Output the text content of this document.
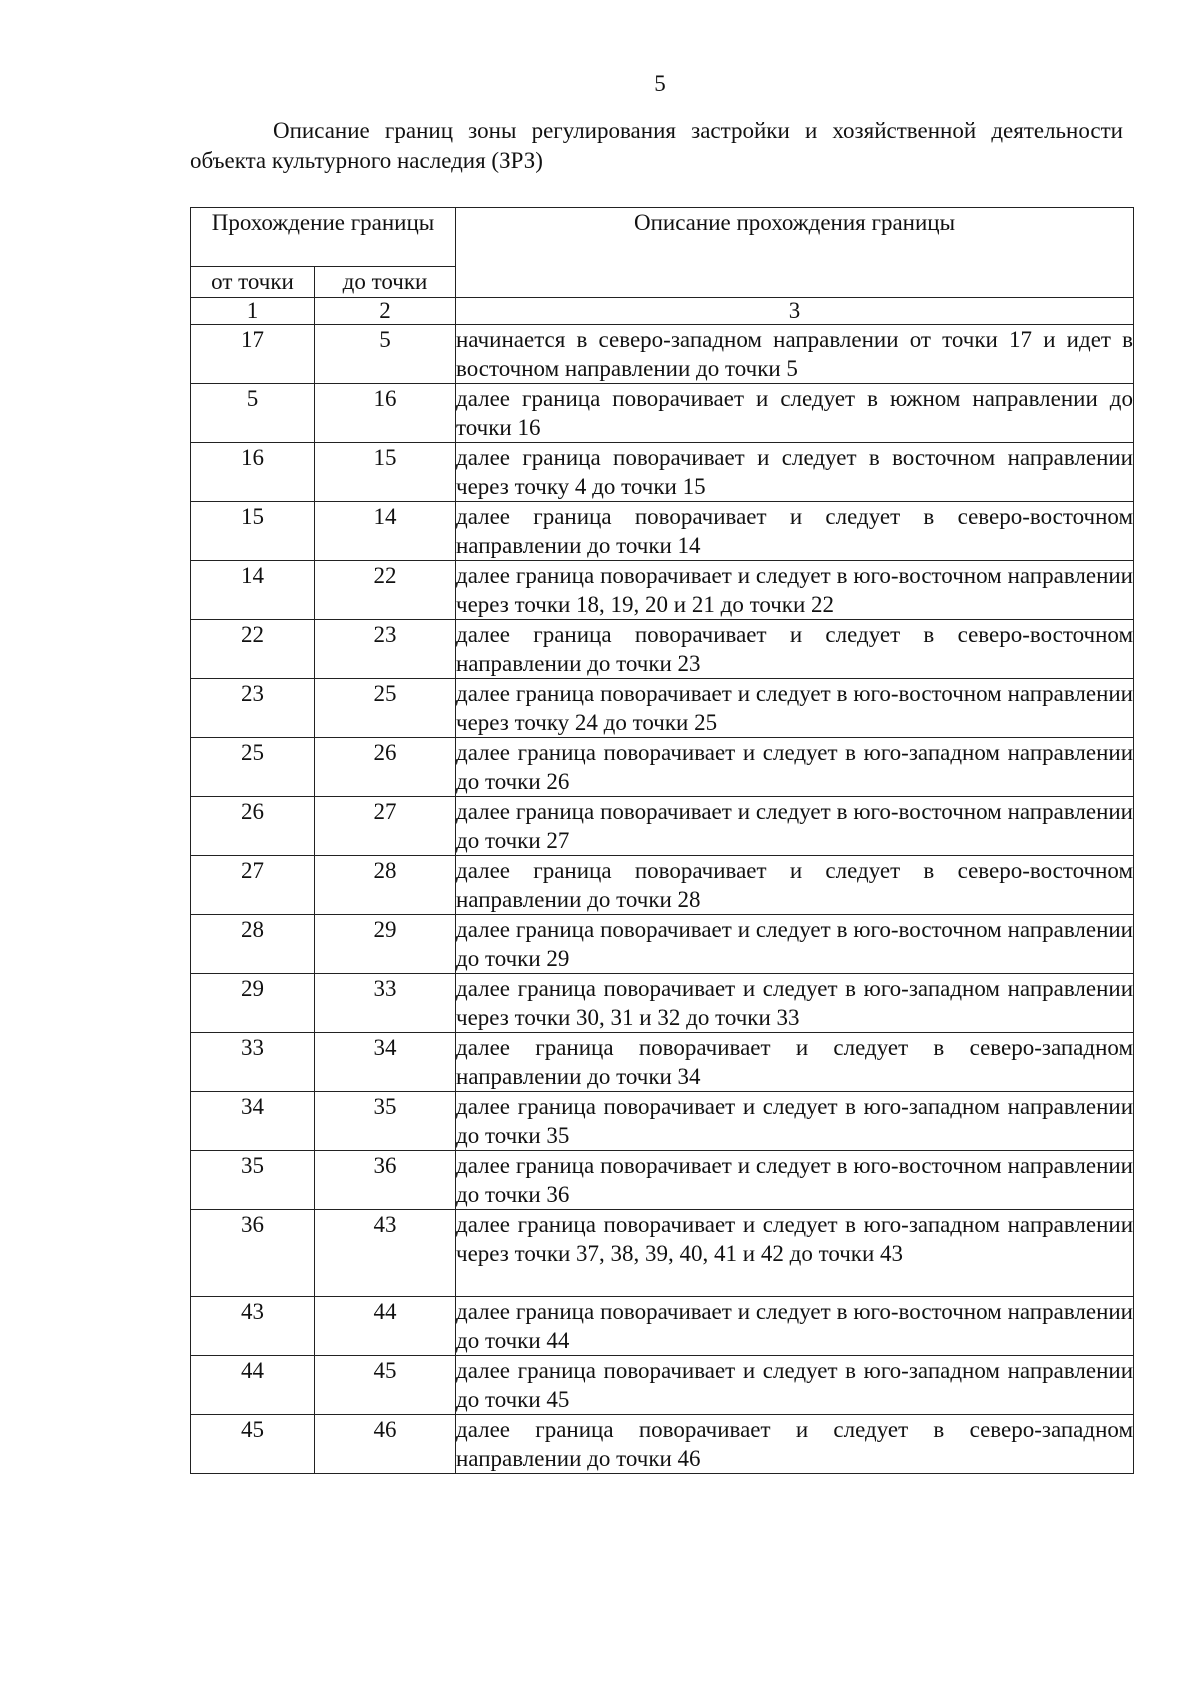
5
Описание границ зоны регулирования застройки и хозяйственной деятельности объекта культурного наследия (ЗРЗ)
Прохождение границы		Описание прохождения границы
от точки	до точки	
1	2	3
17	5	начинается в северо-западном направлении от точки 17 и идет в восточном направлении до точки 5
5	16	далее граница поворачивает и следует в южном направлении до точки 16
16	15	далее граница поворачивает и следует в восточном направлении через точку 4 до точки 15
15	14	далее граница поворачивает и следует в северо-восточном направлении до точки 14
14	22	далее граница поворачивает и следует в юго-восточном направлении через точки 18, 19, 20 и 21 до точки 22
22	23	далее граница поворачивает и следует в северо-восточном направлении до точки 23
23	25	далее граница поворачивает и следует в юго-восточном направлении через точку 24 до точки 25
25	26	далее граница поворачивает и следует в юго-западном направлении до точки 26
26	27	далее граница поворачивает и следует в юго-восточном направлении до точки 27
27	28	далее граница поворачивает и следует в северо-восточном направлении до точки 28
28	29	далее граница поворачивает и следует в юго-восточном направлении до точки 29
29	33	далее граница поворачивает и следует в юго-западном направлении через точки 30, 31 и 32 до точки 33
33	34	далее граница поворачивает и следует в северо-западном направлении до точки 34
34	35	далее граница поворачивает и следует в юго-западном направлении до точки 35
35	36	далее граница поворачивает и следует в юго-восточном направлении до точки 36
36	43	далее граница поворачивает и следует в юго-западном направлении через точки 37, 38, 39, 40, 41 и 42 до точки 43
43	44	далее граница поворачивает и следует в юго-восточном направлении до точки 44
44	45	далее граница поворачивает и следует в юго-западном направлении до точки 45
45	46	далее граница поворачивает и следует в северо-западном направлении до точки 46
